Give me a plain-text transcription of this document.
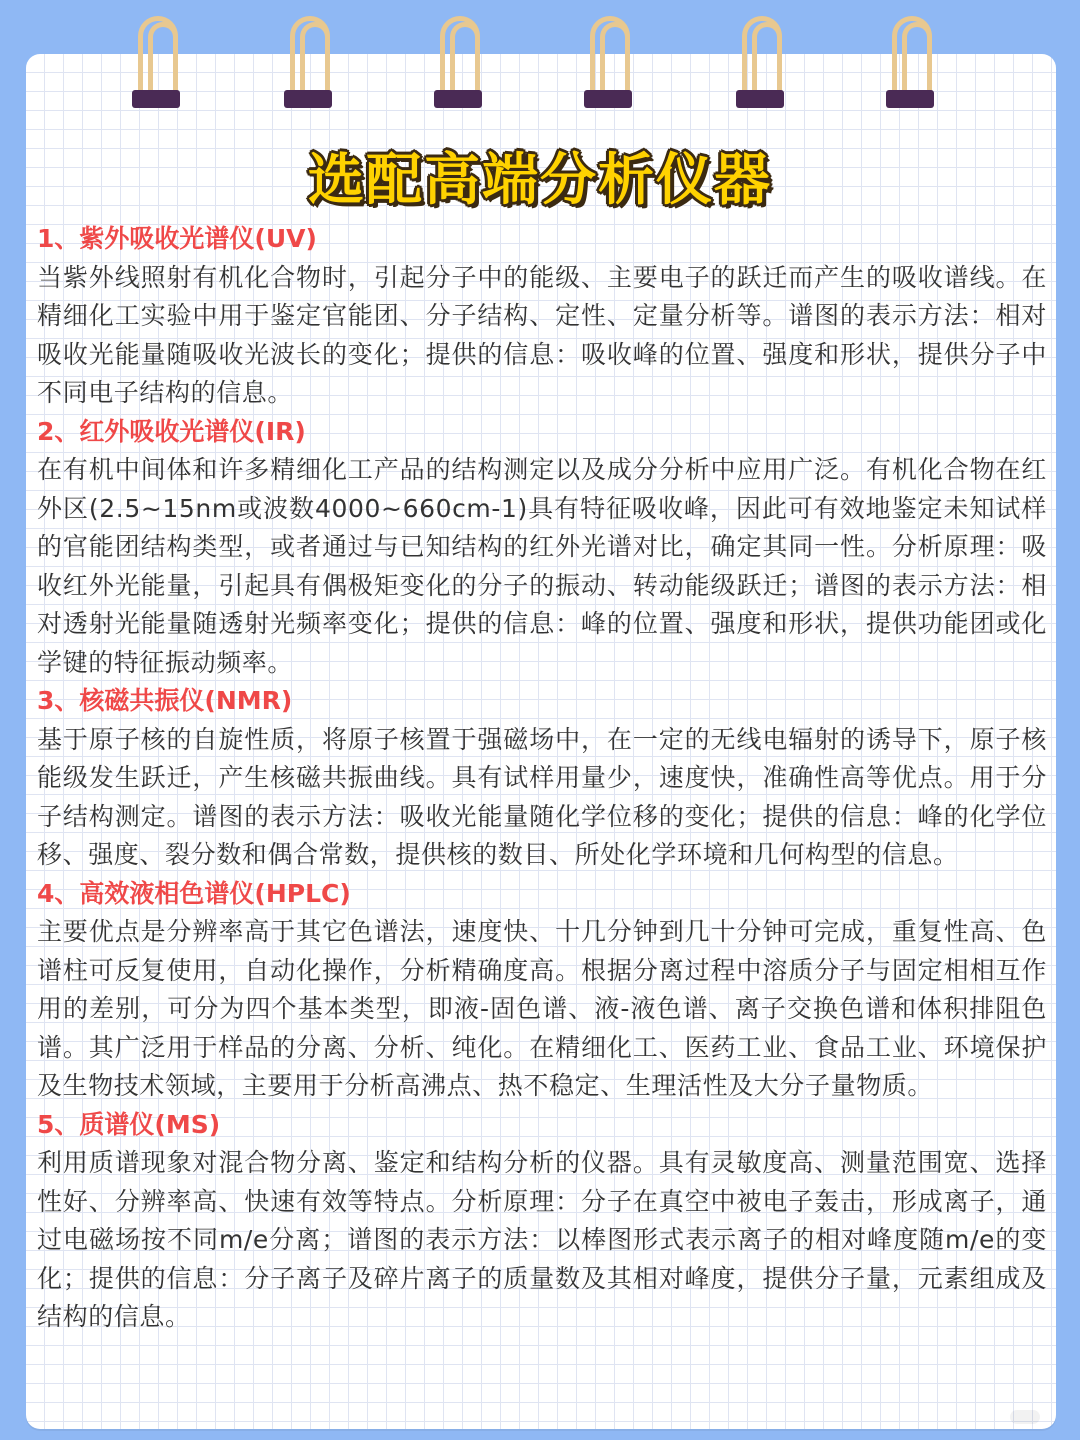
选配高端分析仪器
1、紫外吸收光谱仪(UV)

当紫外线照射有机化合物时，引起分子中的能级、主要电子的跃迁而产生的吸收谱线。在精细化工实验中用于鉴定官能团、分子结构、定性、定量分析等。谱图的表示方法：相对吸收光能量随吸收光波长的变化；提供的信息：吸收峰的位置、强度和形状，提供分子中不同电子结构的信息。

2、红外吸收光谱仪(IR)

在有机中间体和许多精细化工产品的结构测定以及成分分析中应用广泛。有机化合物在红外区(2.5~15nm或波数4000~660cm-1)具有特征吸收峰，因此可有效地鉴定未知试样的官能团结构类型，或者通过与已知结构的红外光谱对比，确定其同一性。分析原理：吸收红外光能量，引起具有偶极矩变化的分子的振动、转动能级跃迁；谱图的表示方法：相对透射光能量随透射光频率变化；提供的信息：峰的位置、强度和形状，提供功能团或化学键的特征振动频率。

3、核磁共振仪(NMR)

基于原子核的自旋性质，将原子核置于强磁场中，在一定的无线电辐射的诱导下，原子核能级发生跃迁，产生核磁共振曲线。具有试样用量少，速度快，准确性高等优点。用于分子结构测定。谱图的表示方法：吸收光能量随化学位移的变化；提供的信息：峰的化学位移、强度、裂分数和偶合常数，提供核的数目、所处化学环境和几何构型的信息。

4、高效液相色谱仪(HPLC)

主要优点是分辨率高于其它色谱法，速度快、十几分钟到几十分钟可完成，重复性高、色谱柱可反复使用，自动化操作，分析精确度高。根据分离过程中溶质分子与固定相相互作用的差别，可分为四个基本类型，即液-固色谱、液-液色谱、离子交换色谱和体积排阻色谱。其广泛用于样品的分离、分析、纯化。在精细化工、医药工业、食品工业、环境保护及生物技术领域，主要用于分析高沸点、热不稳定、生理活性及大分子量物质。

5、质谱仪(MS)

利用质谱现象对混合物分离、鉴定和结构分析的仪器。具有灵敏度高、测量范围宽、选择性好、分辨率高、快速有效等特点。分析原理：分子在真空中被电子轰击，形成离子，通过电磁场按不同m/e分离；谱图的表示方法：以棒图形式表示离子的相对峰度随m/e的变化；提供的信息：分子离子及碎片离子的质量数及其相对峰度，提供分子量，元素组成及结构的信息。
